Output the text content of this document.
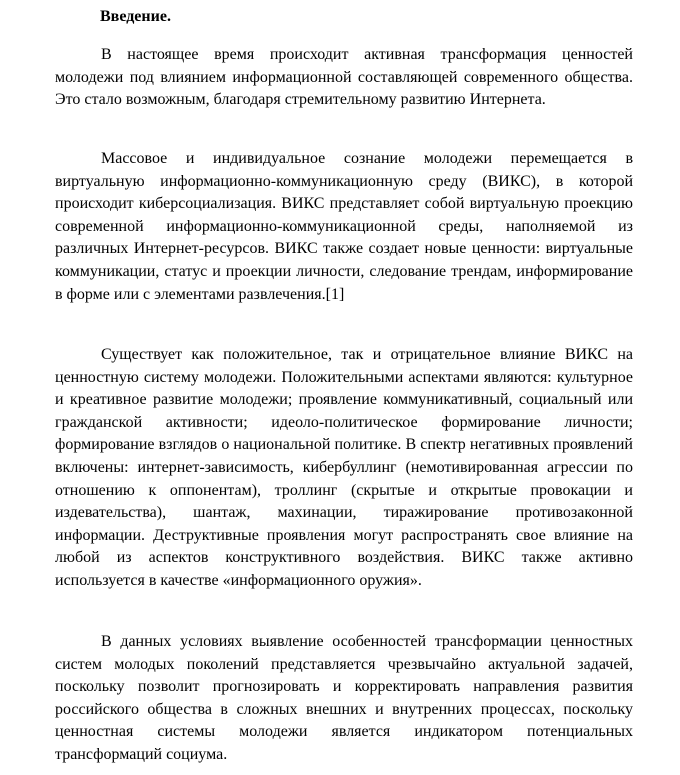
Введение.

В настоящее время происходит активная трансформация ценностей молодежи под влиянием информационной составляющей современного общества. Это стало возможным, благодаря стремительному развитию Интернета.

Массовое и индивидуальное сознание молодежи перемещается в виртуальную информационно-коммуникационную среду (ВИКС), в которой происходит киберсоциализация. ВИКС представляет собой виртуальную проекцию современной информационно-коммуникационной среды, наполняемой из различных Интернет-ресурсов. ВИКС также создает новые ценности: виртуальные коммуникации, статус и проекции личности, следование трендам, информирование в форме или с элементами развлечения.[1]

Существует как положительное, так и отрицательное влияние ВИКС на ценностную систему молодежи. Положительными аспектами являются: культурное и креативное развитие молодежи; проявление коммуникативный, социальный или гражданской активности; идеоло-политическое формирование личности; формирование взглядов о национальной политике. В спектр негативных проявлений включены: интернет-зависимость, кибербуллинг (немотивированная агрессии по отношению к оппонентам), троллинг (скрытые и открытые провокации и издевательства), шантаж, махинации, тиражирование противозаконной информации. Деструктивные проявления могут распространять свое влияние на любой из аспектов конструктивного воздействия. ВИКС также активно используется в качестве «информационного оружия».

В данных условиях выявление особенностей трансформации ценностных систем молодых поколений представляется чрезвычайно актуальной задачей, поскольку позволит прогнозировать и корректировать направления развития российского общества в сложных внешних и внутренних процессах, поскольку ценностная системы молодежи является индикатором потенциальных трансформаций социума.
